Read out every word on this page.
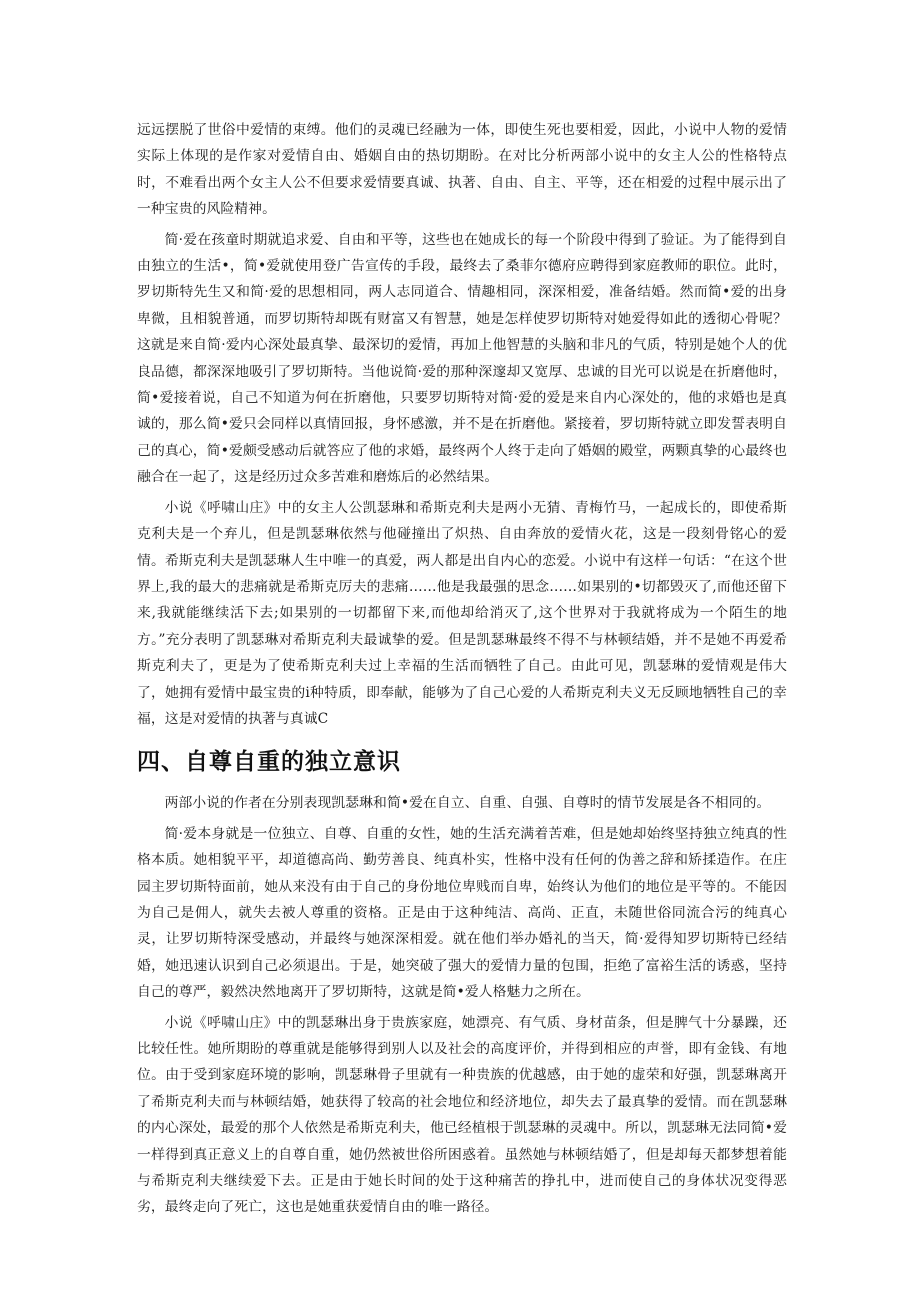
远远摆脱了世俗中爱情的束缚。他们的灵魂已经融为一体，即使生死也要相爱，因此，小说中人物的爱情实际上体现的是作家对爱情自由、婚姻自由的热切期盼。在对比分析两部小说中的女主人公的性格特点时，不难看出两个女主人公不但要求爱情要真诚、执著、自由、自主、平等，还在相爱的过程中展示出了一种宝贵的风险精神。

简·爱在孩童时期就追求爱、自由和平等，这些也在她成长的每一个阶段中得到了验证。为了能得到自由独立的生活•，简•爱就使用登广告宣传的手段，最终去了桑菲尔德府应聘得到家庭教师的职位。此时，罗切斯特先生又和简·爱的思想相同，两人志同道合、情趣相同，深深相爱，准备结婚。然而简•爱的出身卑微，且相貌普通，而罗切斯特却既有财富又有智慧，她是怎样使罗切斯特对她爱得如此的透彻心骨呢？这就是来自简·爱内心深处最真挚、最深切的爱情，再加上他智慧的头脑和非凡的气质，特别是她个人的优良品德，都深深地吸引了罗切斯特。当他说简·爱的那种深邃却又宽厚、忠诚的目光可以说是在折磨他时，简•爱接着说，自己不知道为何在折磨他，只要罗切斯特对简·爱的爱是来自内心深处的，他的求婚也是真诚的，那么简•爱只会同样以真情回报，身怀感激，并不是在折磨他。紧接着，罗切斯特就立即发誓表明自己的真心，简•爱颇受感动后就答应了他的求婚，最终两个人终于走向了婚姻的殿堂，两颗真挚的心最终也融合在一起了，这是经历过众多苦难和磨炼后的必然结果。

小说《呼啸山庄》中的女主人公凯瑟琳和希斯克利夫是两小无猜、青梅竹马，一起成长的，即使希斯克利夫是一个弃儿，但是凯瑟琳依然与他碰撞出了炽热、自由奔放的爱情火花，这是一段刻骨铭心的爱情。希斯克利夫是凯瑟琳人生中唯一的真爱，两人都是出自内心的恋爱。小说中有这样一句话：“在这个世界上,我的最大的悲痛就是希斯克厉夫的悲痛……他是我最强的思念……如果别的•切都毁灭了,而他还留下来,我就能继续活下去;如果别的一切都留下来,而他却给消灭了,这个世界对于我就将成为一个陌生的地方。”充分表明了凯瑟琳对希斯克利夫最诚挚的爱。但是凯瑟琳最终不得不与林顿结婚，并不是她不再爱希斯克利夫了，更是为了使希斯克利夫过上幸福的生活而牺牲了自己。由此可见，凯瑟琳的爱情观是伟大了，她拥有爱情中最宝贵的i种特质，即奉献，能够为了自己心爱的人希斯克利夫义无反顾地牺牲自己的幸福，这是对爱情的执著与真诚C

四、自尊自重的独立意识

两部小说的作者在分别表现凯瑟琳和简•爱在自立、自重、自强、自尊时的情节发展是各不相同的。

简·爱本身就是一位独立、自尊、自重的女性，她的生活充满着苦难，但是她却始终坚持独立纯真的性格本质。她相貌平平，却道德高尚、勤劳善良、纯真朴实，性格中没有任何的伪善之辞和矫揉造作。在庄园主罗切斯特面前，她从来没有由于自己的身份地位卑贱而自卑，始终认为他们的地位是平等的。不能因为自己是佣人，就失去被人尊重的资格。正是由于这种纯洁、高尚、正直，未随世俗同流合污的纯真心灵，让罗切斯特深受感动，并最终与她深深相爱。就在他们举办婚礼的当天，简·爱得知罗切斯特已经结婚，她迅速认识到自己必须退出。于是，她突破了强大的爱情力量的包围，拒绝了富裕生活的诱惑，坚持自己的尊严，毅然决然地离开了罗切斯特，这就是简•爱人格魅力之所在。

小说《呼啸山庄》中的凯瑟琳出身于贵族家庭，她漂亮、有气质、身材苗条，但是脾气十分暴躁，还比较任性。她所期盼的尊重就是能够得到别人以及社会的高度评价，并得到相应的声誉，即有金钱、有地位。由于受到家庭环境的影响，凯瑟琳骨子里就有一种贵族的优越感，由于她的虚荣和好强，凯瑟琳离开了希斯克利夫而与林顿结婚，她获得了较高的社会地位和经济地位，却失去了最真挚的爱情。而在凯瑟琳的内心深处，最爱的那个人依然是希斯克利夫，他已经植根于凯瑟琳的灵魂中。所以，凯瑟琳无法同简•爱一样得到真正意义上的自尊自重，她仍然被世俗所困惑着。虽然她与林顿结婚了，但是却每天都梦想着能与希斯克利夫继续爱下去。正是由于她长时间的处于这种痛苦的挣扎中，进而使自己的身体状况变得恶劣，最终走向了死亡，这也是她重获爱情自由的唯一路径。
